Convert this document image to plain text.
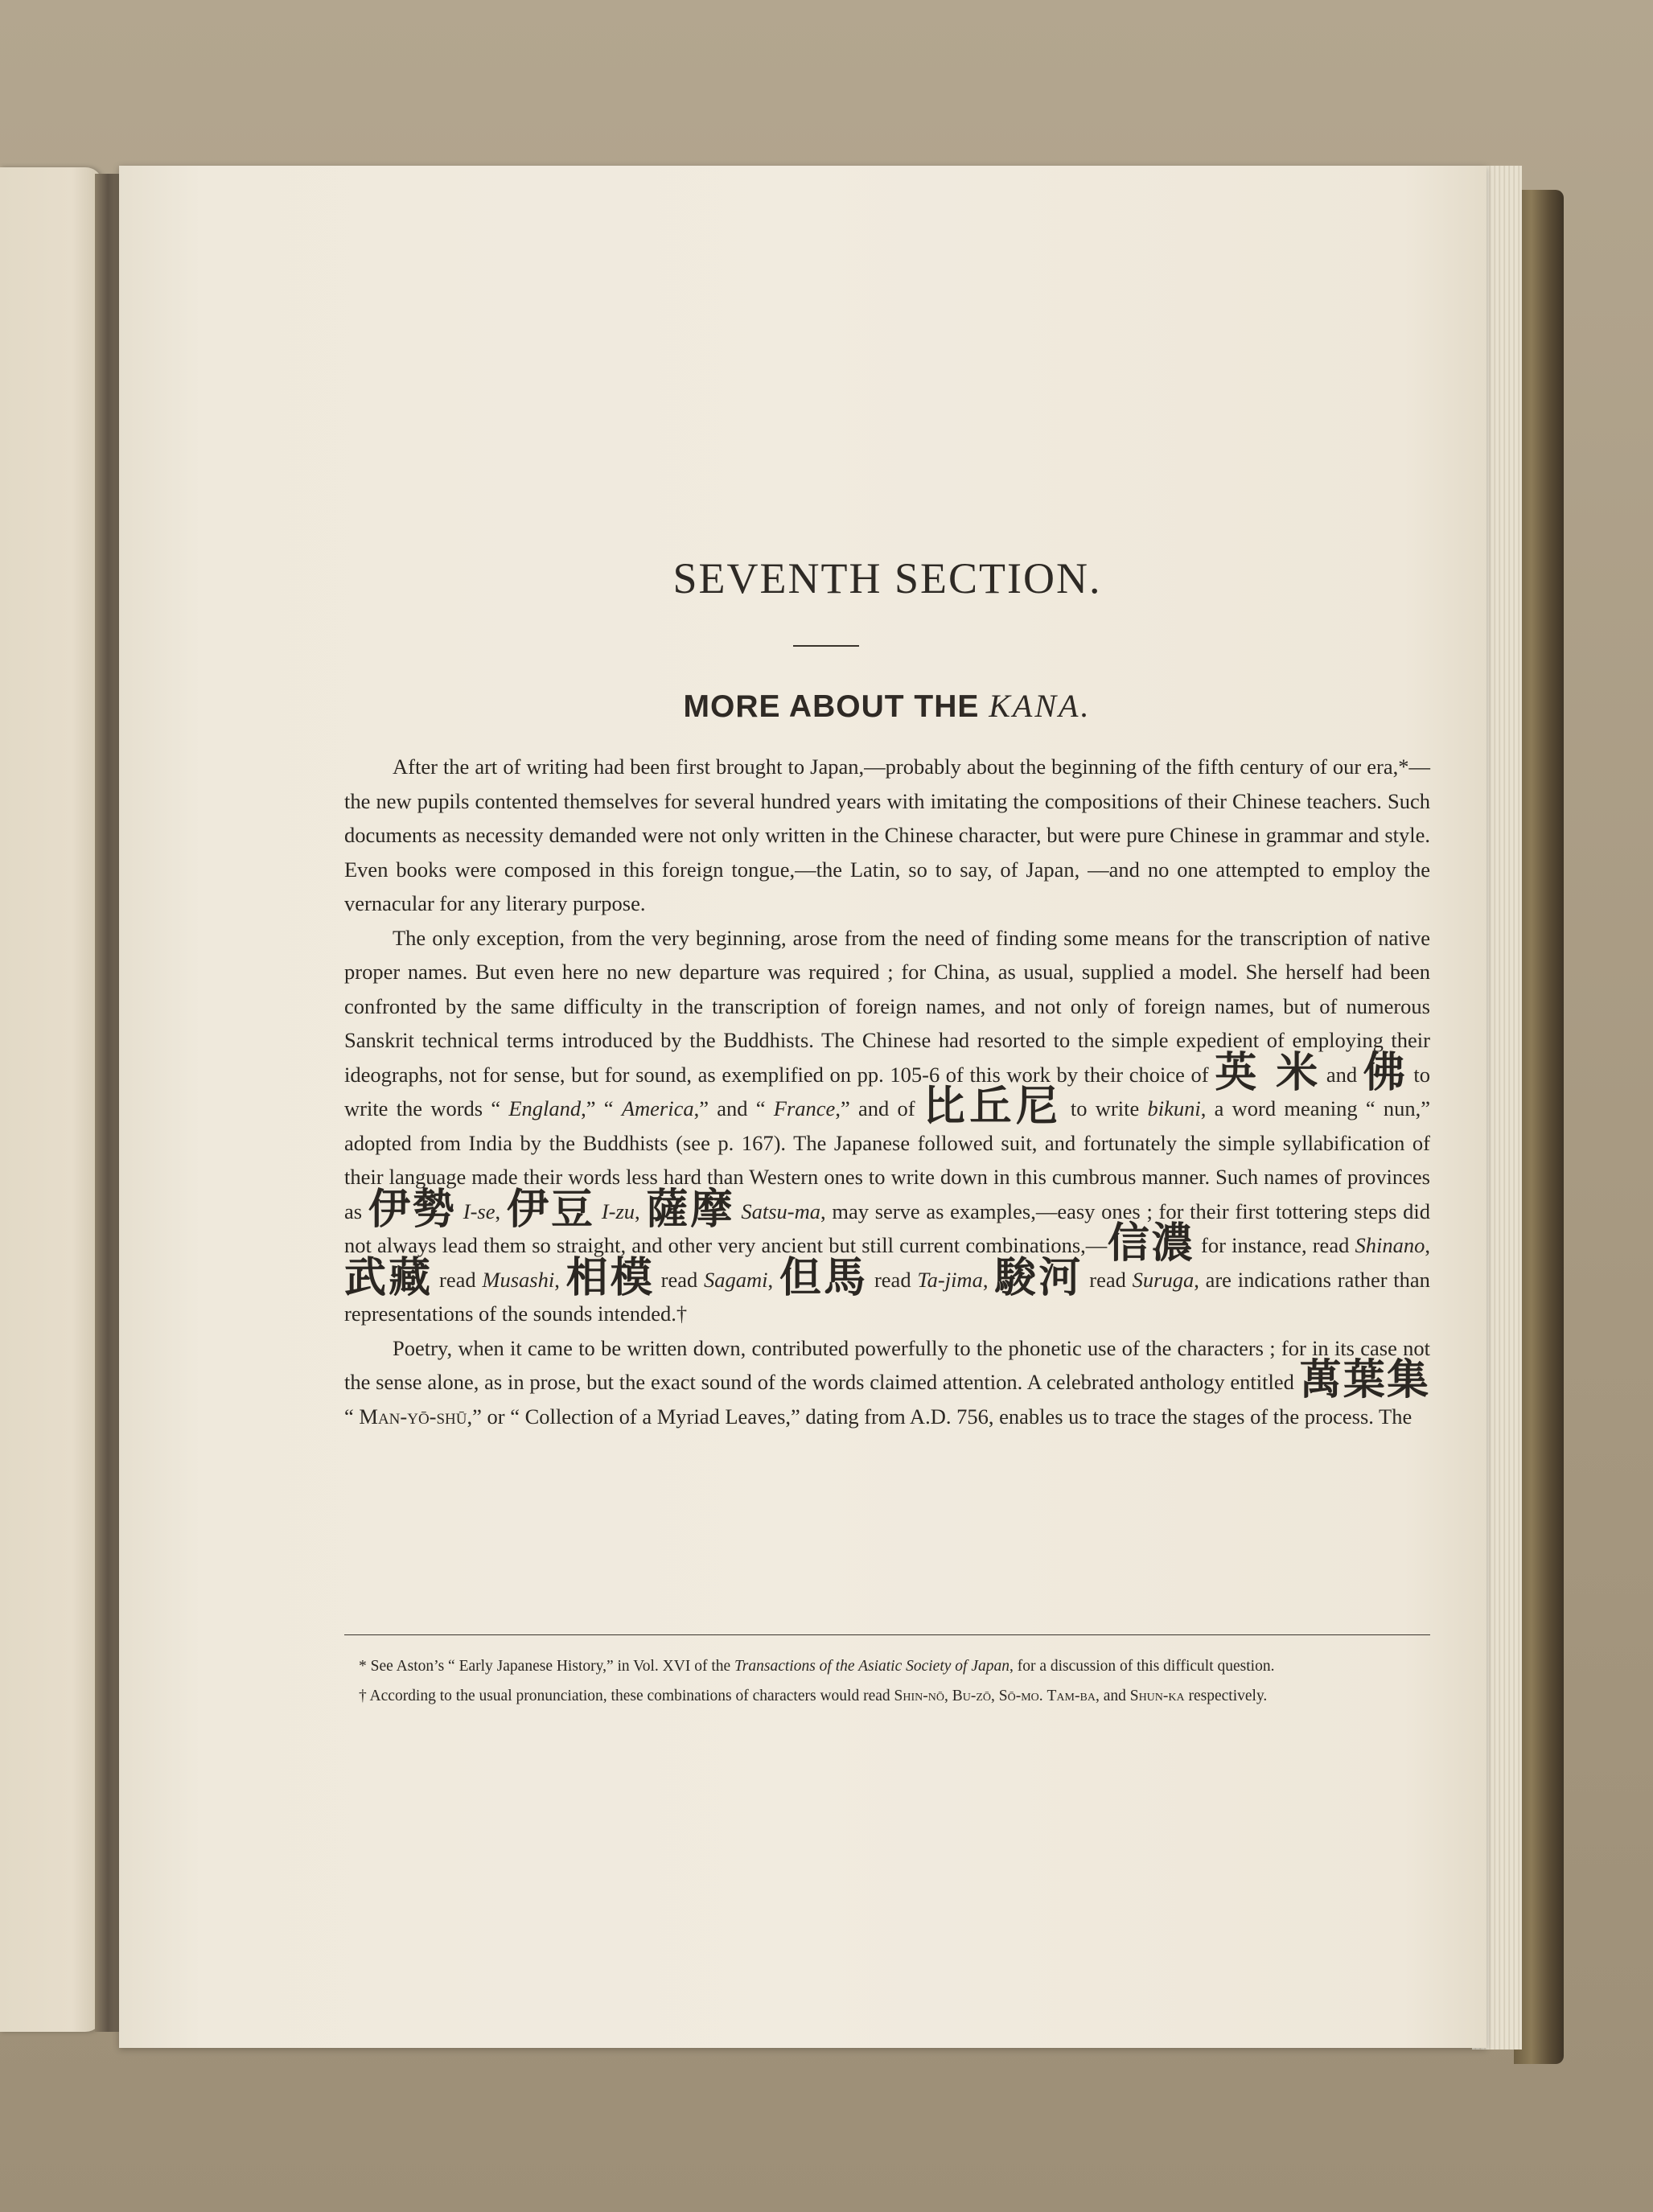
SEVENTH SECTION.
MORE ABOUT THE KANA.

After the art of writing had been first brought to Japan,—probably about the beginning of the fifth century of our era,*—the new pupils contented themselves for several hundred years with imitating the compositions of their Chinese teachers. Such documents as necessity demanded were not only written in the Chinese character, but were pure Chinese in grammar and style. Even books were composed in this foreign tongue,—the Latin, so to say, of Japan, —and no one attempted to employ the vernacular for any literary purpose.

The only exception, from the very beginning, arose from the need of finding some means for the transcription of native proper names. But even here no new departure was required ; for China, as usual, supplied a model. She herself had been confronted by the same difficulty in the transcription of foreign names, and not only of foreign names, but of numerous Sanskrit technical terms introduced by the Buddhists. The Chinese had resorted to the simple expedient of employing their ideographs, not for sense, but for sound, as exemplified on pp. 105-6 of this work by their choice of 英 米 and 佛 to write the words “ England,” “ America,” and “ France,” and of 比丘尼 to write bikuni, a word meaning “ nun,” adopted from India by the Buddhists (see p. 167). The Japanese followed suit, and fortunately the simple syllabification of their language made their words less hard than Western ones to write down in this cumbrous manner. Such names of provinces as 伊勢 I-se, 伊豆 I-zu, 薩摩 Satsu-ma, may serve as examples,—easy ones ; for their first tottering steps did not always lead them so straight, and other very ancient but still current combinations,—信濃 for instance, read Shinano, 武藏 read Musashi, 相模 read Sagami, 但馬 read Ta-jima, 駿河 read Suruga, are indications rather than representations of the sounds intended.†

Poetry, when it came to be written down, contributed powerfully to the phonetic use of the characters ; for in its case not the sense alone, as in prose, but the exact sound of the words claimed attention. A celebrated anthology entitled 萬葉集 “ Man-yō-shū,” or “ Collection of a Myriad Leaves,” dating from A.D. 756, enables us to trace the stages of the process. The

* See Aston’s “ Early Japanese History,” in Vol. XVI of the Transactions of the Asiatic Society of Japan, for a discussion of this difficult question.

† According to the usual pronunciation, these combinations of characters would read Shin-nō, Bu-zō, Sō-mo. Tam-ba, and Shun-ka respectively.
